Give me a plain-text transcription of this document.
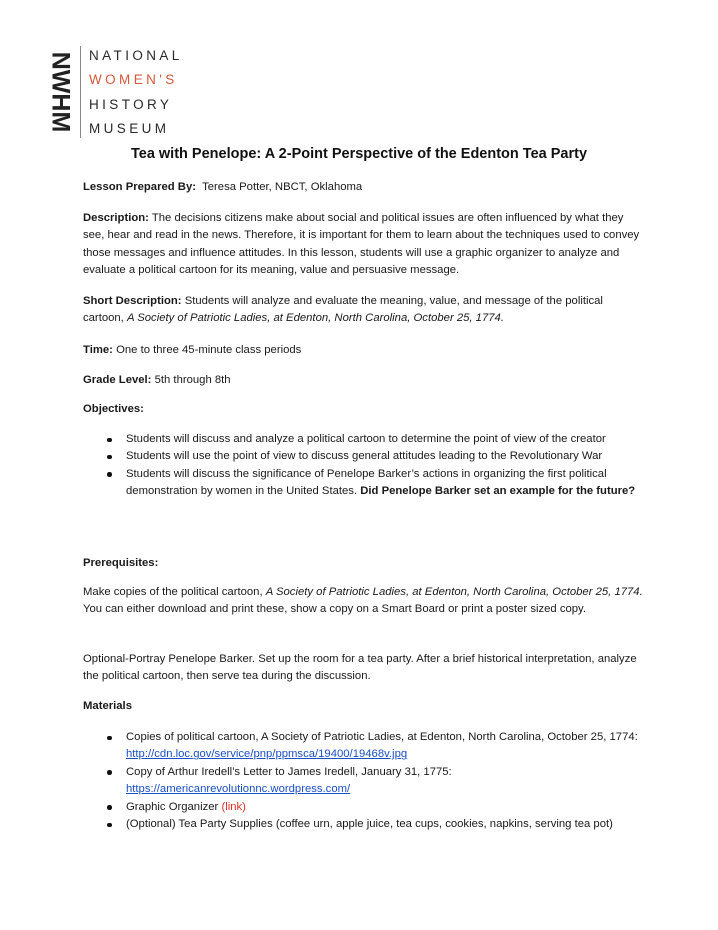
NWHM NATIONAL
WOMEN'S
HISTORY
MUSEUM
Tea with Penelope: A 2-Point Perspective of the Edenton Tea Party

Lesson Prepared By: Teresa Potter, NBCT, Oklahoma

Description: The decisions citizens make about social and political issues are often influenced by what they see, hear and read in the news. Therefore, it is important for them to learn about the techniques used to convey those messages and influence attitudes. In this lesson, students will use a graphic organizer to analyze and evaluate a political cartoon for its meaning, value and persuasive message.

Short Description: Students will analyze and evaluate the meaning, value, and message of the political cartoon, A Society of Patriotic Ladies, at Edenton, North Carolina, October 25, 1774.

Time: One to three 45-minute class periods

Grade Level: 5th through 8th

Objectives:

Students will discuss and analyze a political cartoon to determine the point of view of the creator
Students will use the point of view to discuss general attitudes leading to the Revolutionary War
Students will discuss the significance of Penelope Barker’s actions in organizing the first political demonstration by women in the United States. Did Penelope Barker set an example for the future?

Prerequisites:

Make copies of the political cartoon, A Society of Patriotic Ladies, at Edenton, North Carolina, October 25, 1774. You can either download and print these, show a copy on a Smart Board or print a poster sized copy.

Optional-Portray Penelope Barker. Set up the room for a tea party. After a brief historical interpretation, analyze the political cartoon, then serve tea during the discussion.

Materials

Copies of political cartoon, A Society of Patriotic Ladies, at Edenton, North Carolina, October 25, 1774: http://cdn.loc.gov/service/pnp/ppmsca/19400/19468v.jpg
Copy of Arthur Iredell’s Letter to James Iredell, January 31, 1775: https://americanrevolutionnc.wordpress.com/
Graphic Organizer (link)
(Optional) Tea Party Supplies (coffee urn, apple juice, tea cups, cookies, napkins, serving tea pot)
